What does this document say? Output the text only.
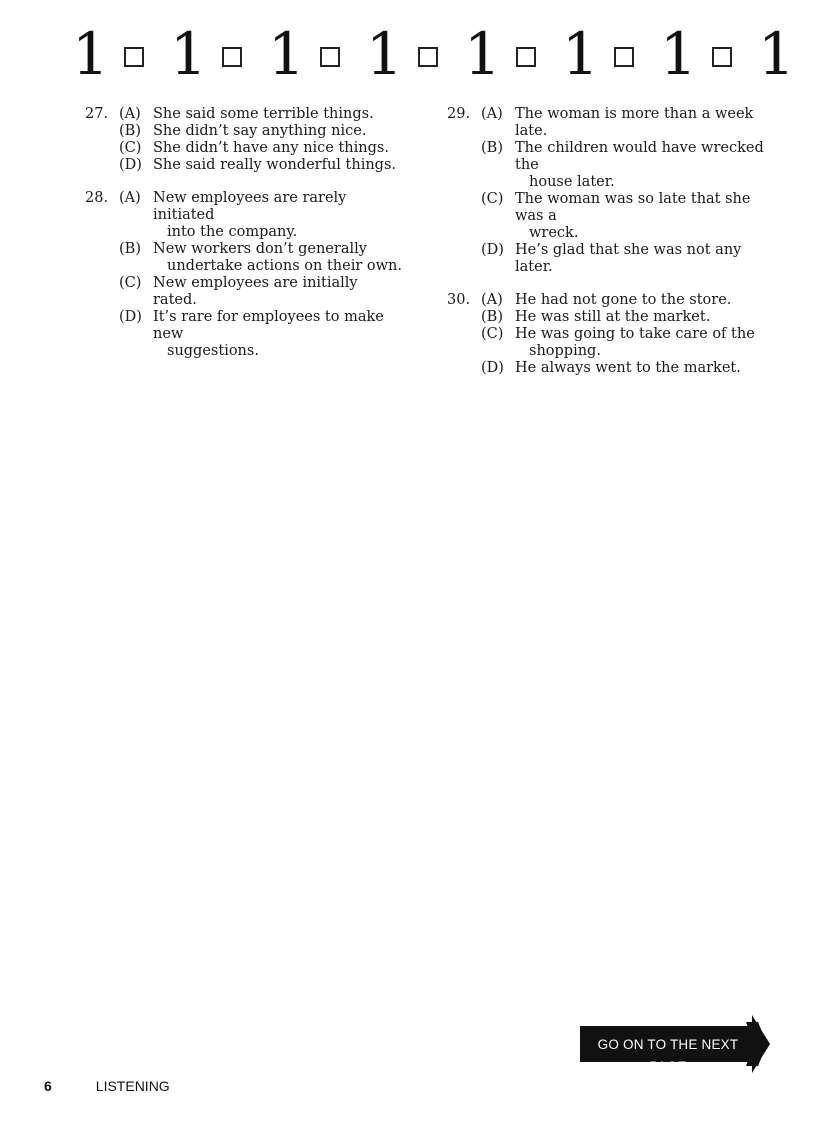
1 1 1 1 1 1 1 1
27. (A) She said some terrible things.
(B) She didn’t say anything nice.
(C) She didn’t have any nice things.
(D) She said really wonderful things.
28. (A) New employees are rarely initiated
into the company.
(B) New workers don’t generally
undertake actions on their own.
(C) New employees are initially rated.
(D) It’s rare for employees to make new
suggestions.
29. (A) The woman is more than a week late.
(B) The children would have wrecked the
house later.
(C) The woman was so late that she was a
wreck.
(D) He’s glad that she was not any later.
30. (A) He had not gone to the store.
(B) He was still at the market.
(C) He was going to take care of the
shopping.
(D) He always went to the market.
GO ON TO THE NEXT PAGE
6	LISTENING
